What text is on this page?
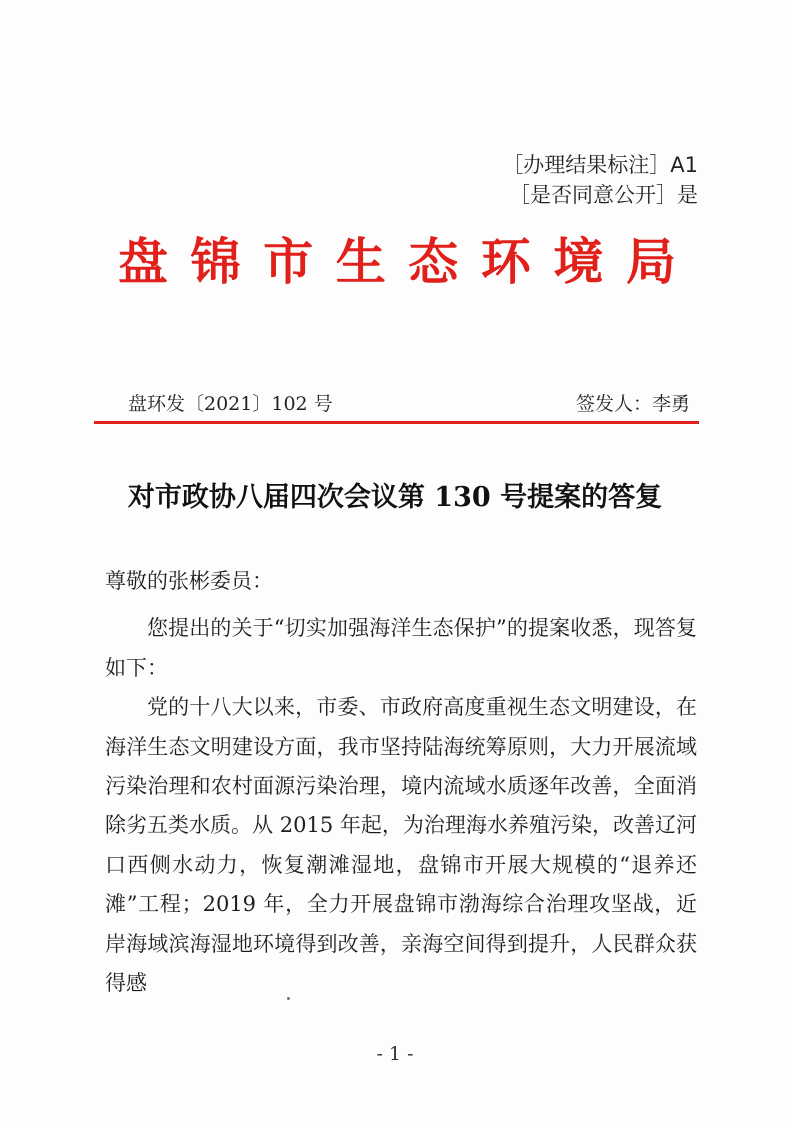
［办理结果标注］A1
［是否同意公开］是
盘锦市生态环境局
盘环发〔2021〕102 号	签发人：李勇
对市政协八届四次会议第 130 号提案的答复

尊敬的张彬委员：

您提出的关于“切实加强海洋生态保护”的提案收悉，现答复如下：

党的十八大以来，市委、市政府高度重视生态文明建设，在海洋生态文明建设方面，我市坚持陆海统筹原则，大力开展流域污染治理和农村面源污染治理，境内流域水质逐年改善，全面消除劣五类水质。从 2015 年起，为治理海水养殖污染，改善辽河口西侧水动力，恢复潮滩湿地，盘锦市开展大规模的“退养还滩”工程；2019 年，全力开展盘锦市渤海综合治理攻坚战，近岸海域滨海湿地环境得到改善，亲海空间得到提升，人民群众获得感

- 1 -
